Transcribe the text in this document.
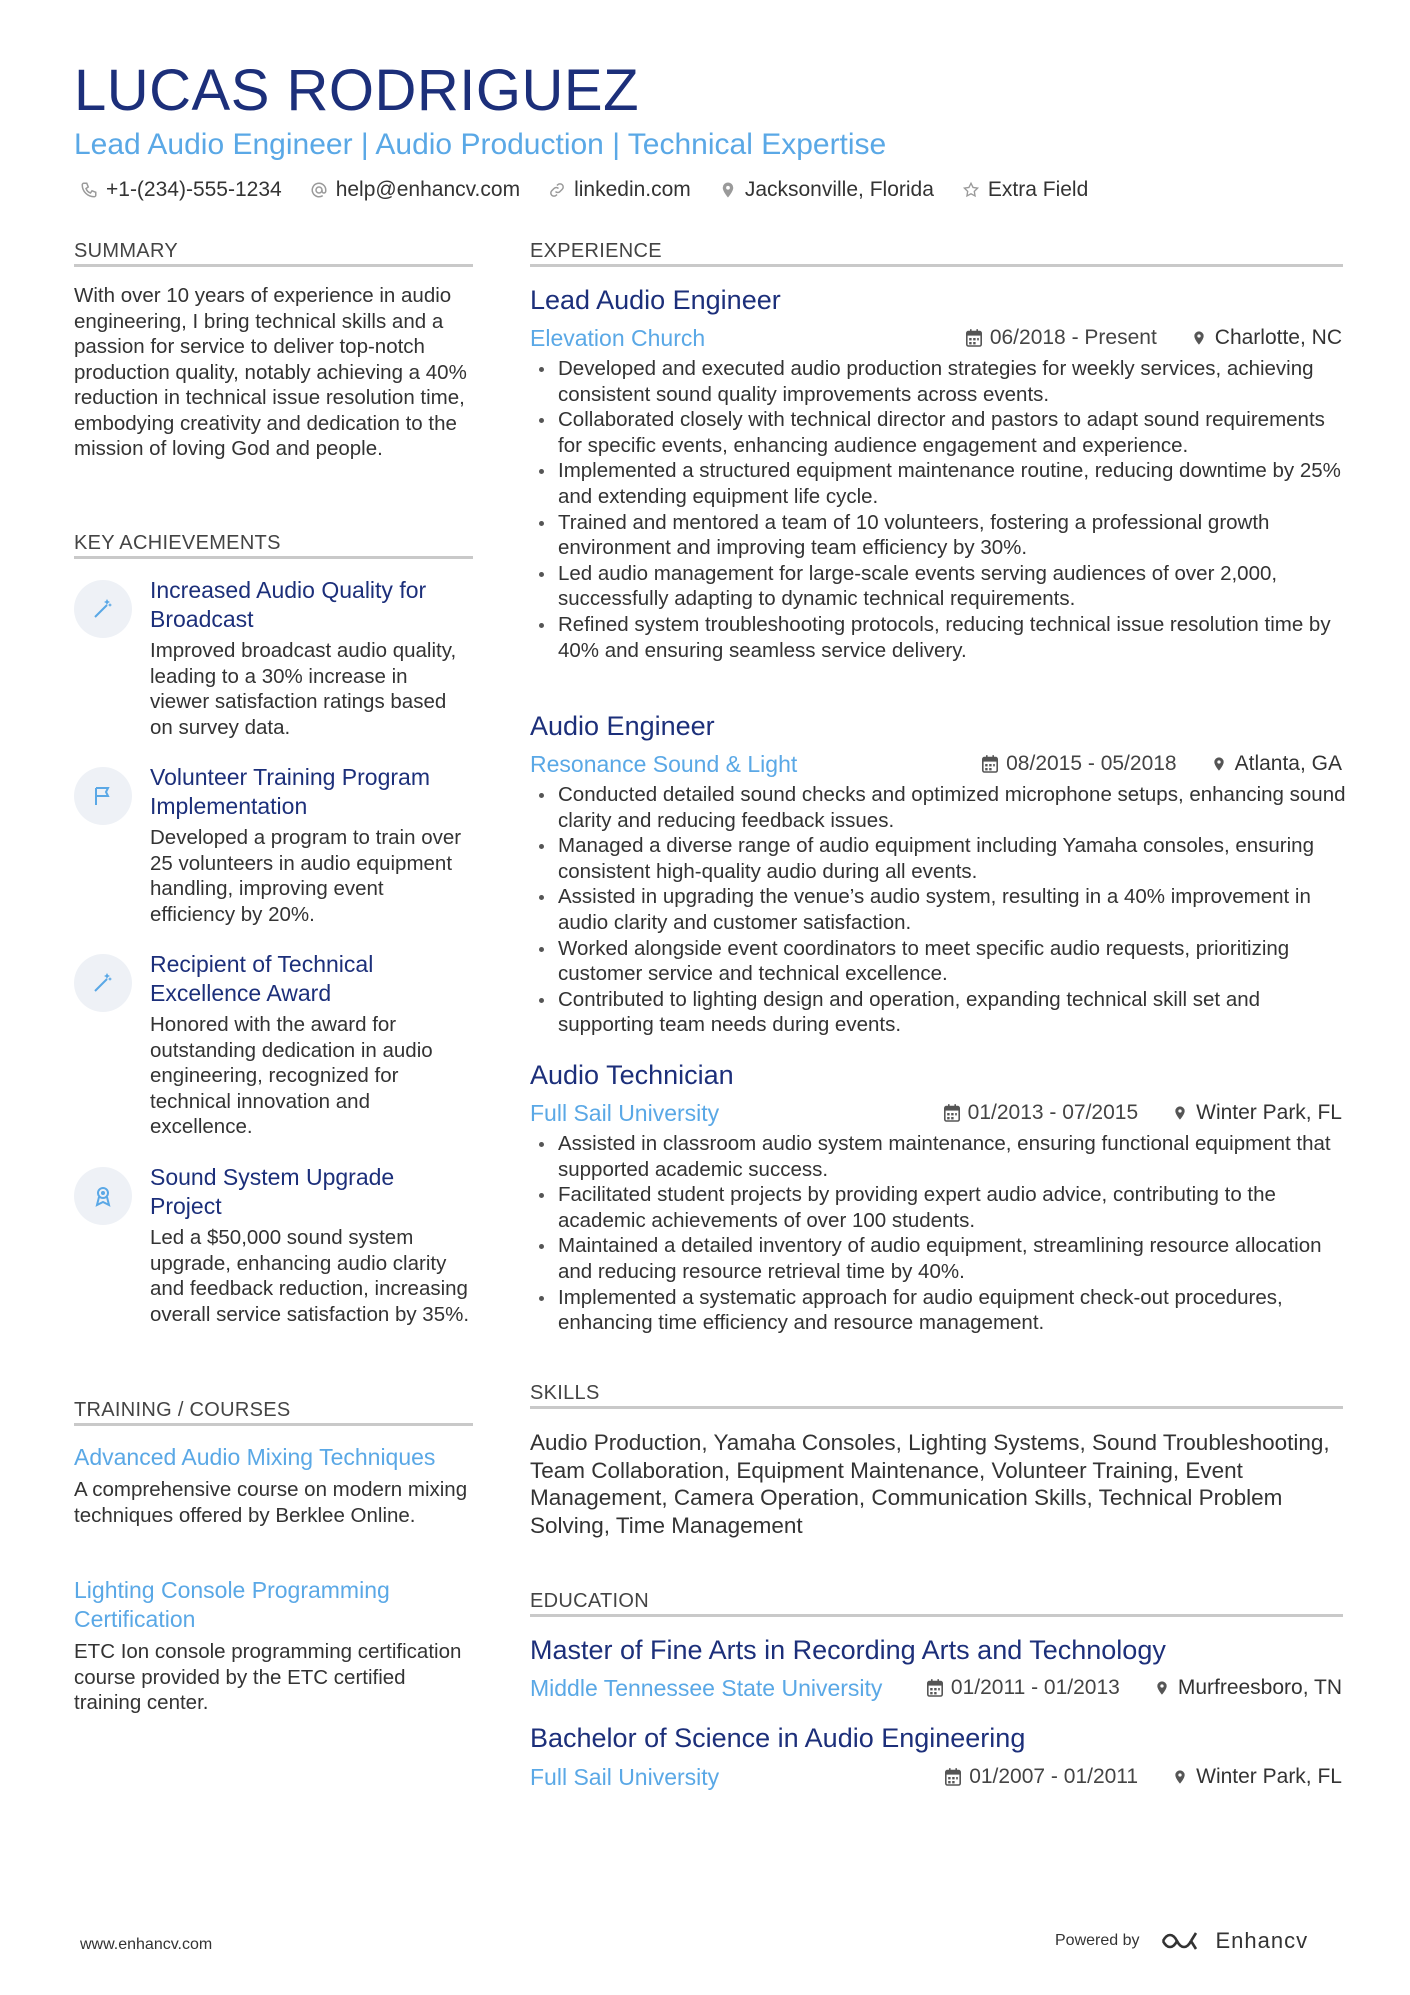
LUCAS RODRIGUEZ
Lead Audio Engineer | Audio Production | Technical Expertise
+1-(234)-555-1234	help@enhancv.com	linkedin.com	Jacksonville, Florida	Extra Field
SUMMARY
With over 10 years of experience in audio engineering, I bring technical skills and a passion for service to deliver top-notch production quality, notably achieving a 40% reduction in technical issue resolution time, embodying creativity and dedication to the mission of loving God and people.
KEY ACHIEVEMENTS
Increased Audio Quality for Broadcast
Improved broadcast audio quality, leading to a 30% increase in viewer satisfaction ratings based on survey data.
Volunteer Training Program Implementation
Developed a program to train over 25 volunteers in audio equipment handling, improving event efficiency by 20%.
Recipient of Technical Excellence Award
Honored with the award for outstanding dedication in audio engineering, recognized for technical innovation and excellence.
Sound System Upgrade Project
Led a $50,000 sound system upgrade, enhancing audio clarity and feedback reduction, increasing overall service satisfaction by 35%.
TRAINING / COURSES
Advanced Audio Mixing Techniques
A comprehensive course on modern mixing techniques offered by Berklee Online.
Lighting Console Programming Certification
ETC Ion console programming certification course provided by the ETC certified training center.
EXPERIENCE
Lead Audio Engineer
Elevation Church	06/2018 - Present	Charlotte, NC
Developed and executed audio production strategies for weekly services, achieving consistent sound quality improvements across events.
Collaborated closely with technical director and pastors to adapt sound requirements for specific events, enhancing audience engagement and experience.
Implemented a structured equipment maintenance routine, reducing downtime by 25% and extending equipment life cycle.
Trained and mentored a team of 10 volunteers, fostering a professional growth environment and improving team efficiency by 30%.
Led audio management for large-scale events serving audiences of over 2,000, successfully adapting to dynamic technical requirements.
Refined system troubleshooting protocols, reducing technical issue resolution time by 40% and ensuring seamless service delivery.
Audio Engineer
Resonance Sound & Light	08/2015 - 05/2018	Atlanta, GA
Conducted detailed sound checks and optimized microphone setups, enhancing sound clarity and reducing feedback issues.
Managed a diverse range of audio equipment including Yamaha consoles, ensuring consistent high-quality audio during all events.
Assisted in upgrading the venue’s audio system, resulting in a 40% improvement in audio clarity and customer satisfaction.
Worked alongside event coordinators to meet specific audio requests, prioritizing customer service and technical excellence.
Contributed to lighting design and operation, expanding technical skill set and supporting team needs during events.
Audio Technician
Full Sail University	01/2013 - 07/2015	Winter Park, FL
Assisted in classroom audio system maintenance, ensuring functional equipment that supported academic success.
Facilitated student projects by providing expert audio advice, contributing to the academic achievements of over 100 students.
Maintained a detailed inventory of audio equipment, streamlining resource allocation and reducing resource retrieval time by 40%.
Implemented a systematic approach for audio equipment check-out procedures, enhancing time efficiency and resource management.
SKILLS
Audio Production, Yamaha Consoles, Lighting Systems, Sound Troubleshooting, Team Collaboration, Equipment Maintenance, Volunteer Training, Event Management, Camera Operation, Communication Skills, Technical Problem Solving, Time Management
EDUCATION
Master of Fine Arts in Recording Arts and Technology
Middle Tennessee State University	01/2011 - 01/2013	Murfreesboro, TN
Bachelor of Science in Audio Engineering
Full Sail University	01/2007 - 01/2011	Winter Park, FL
www.enhancv.com	Powered by	Enhancv
